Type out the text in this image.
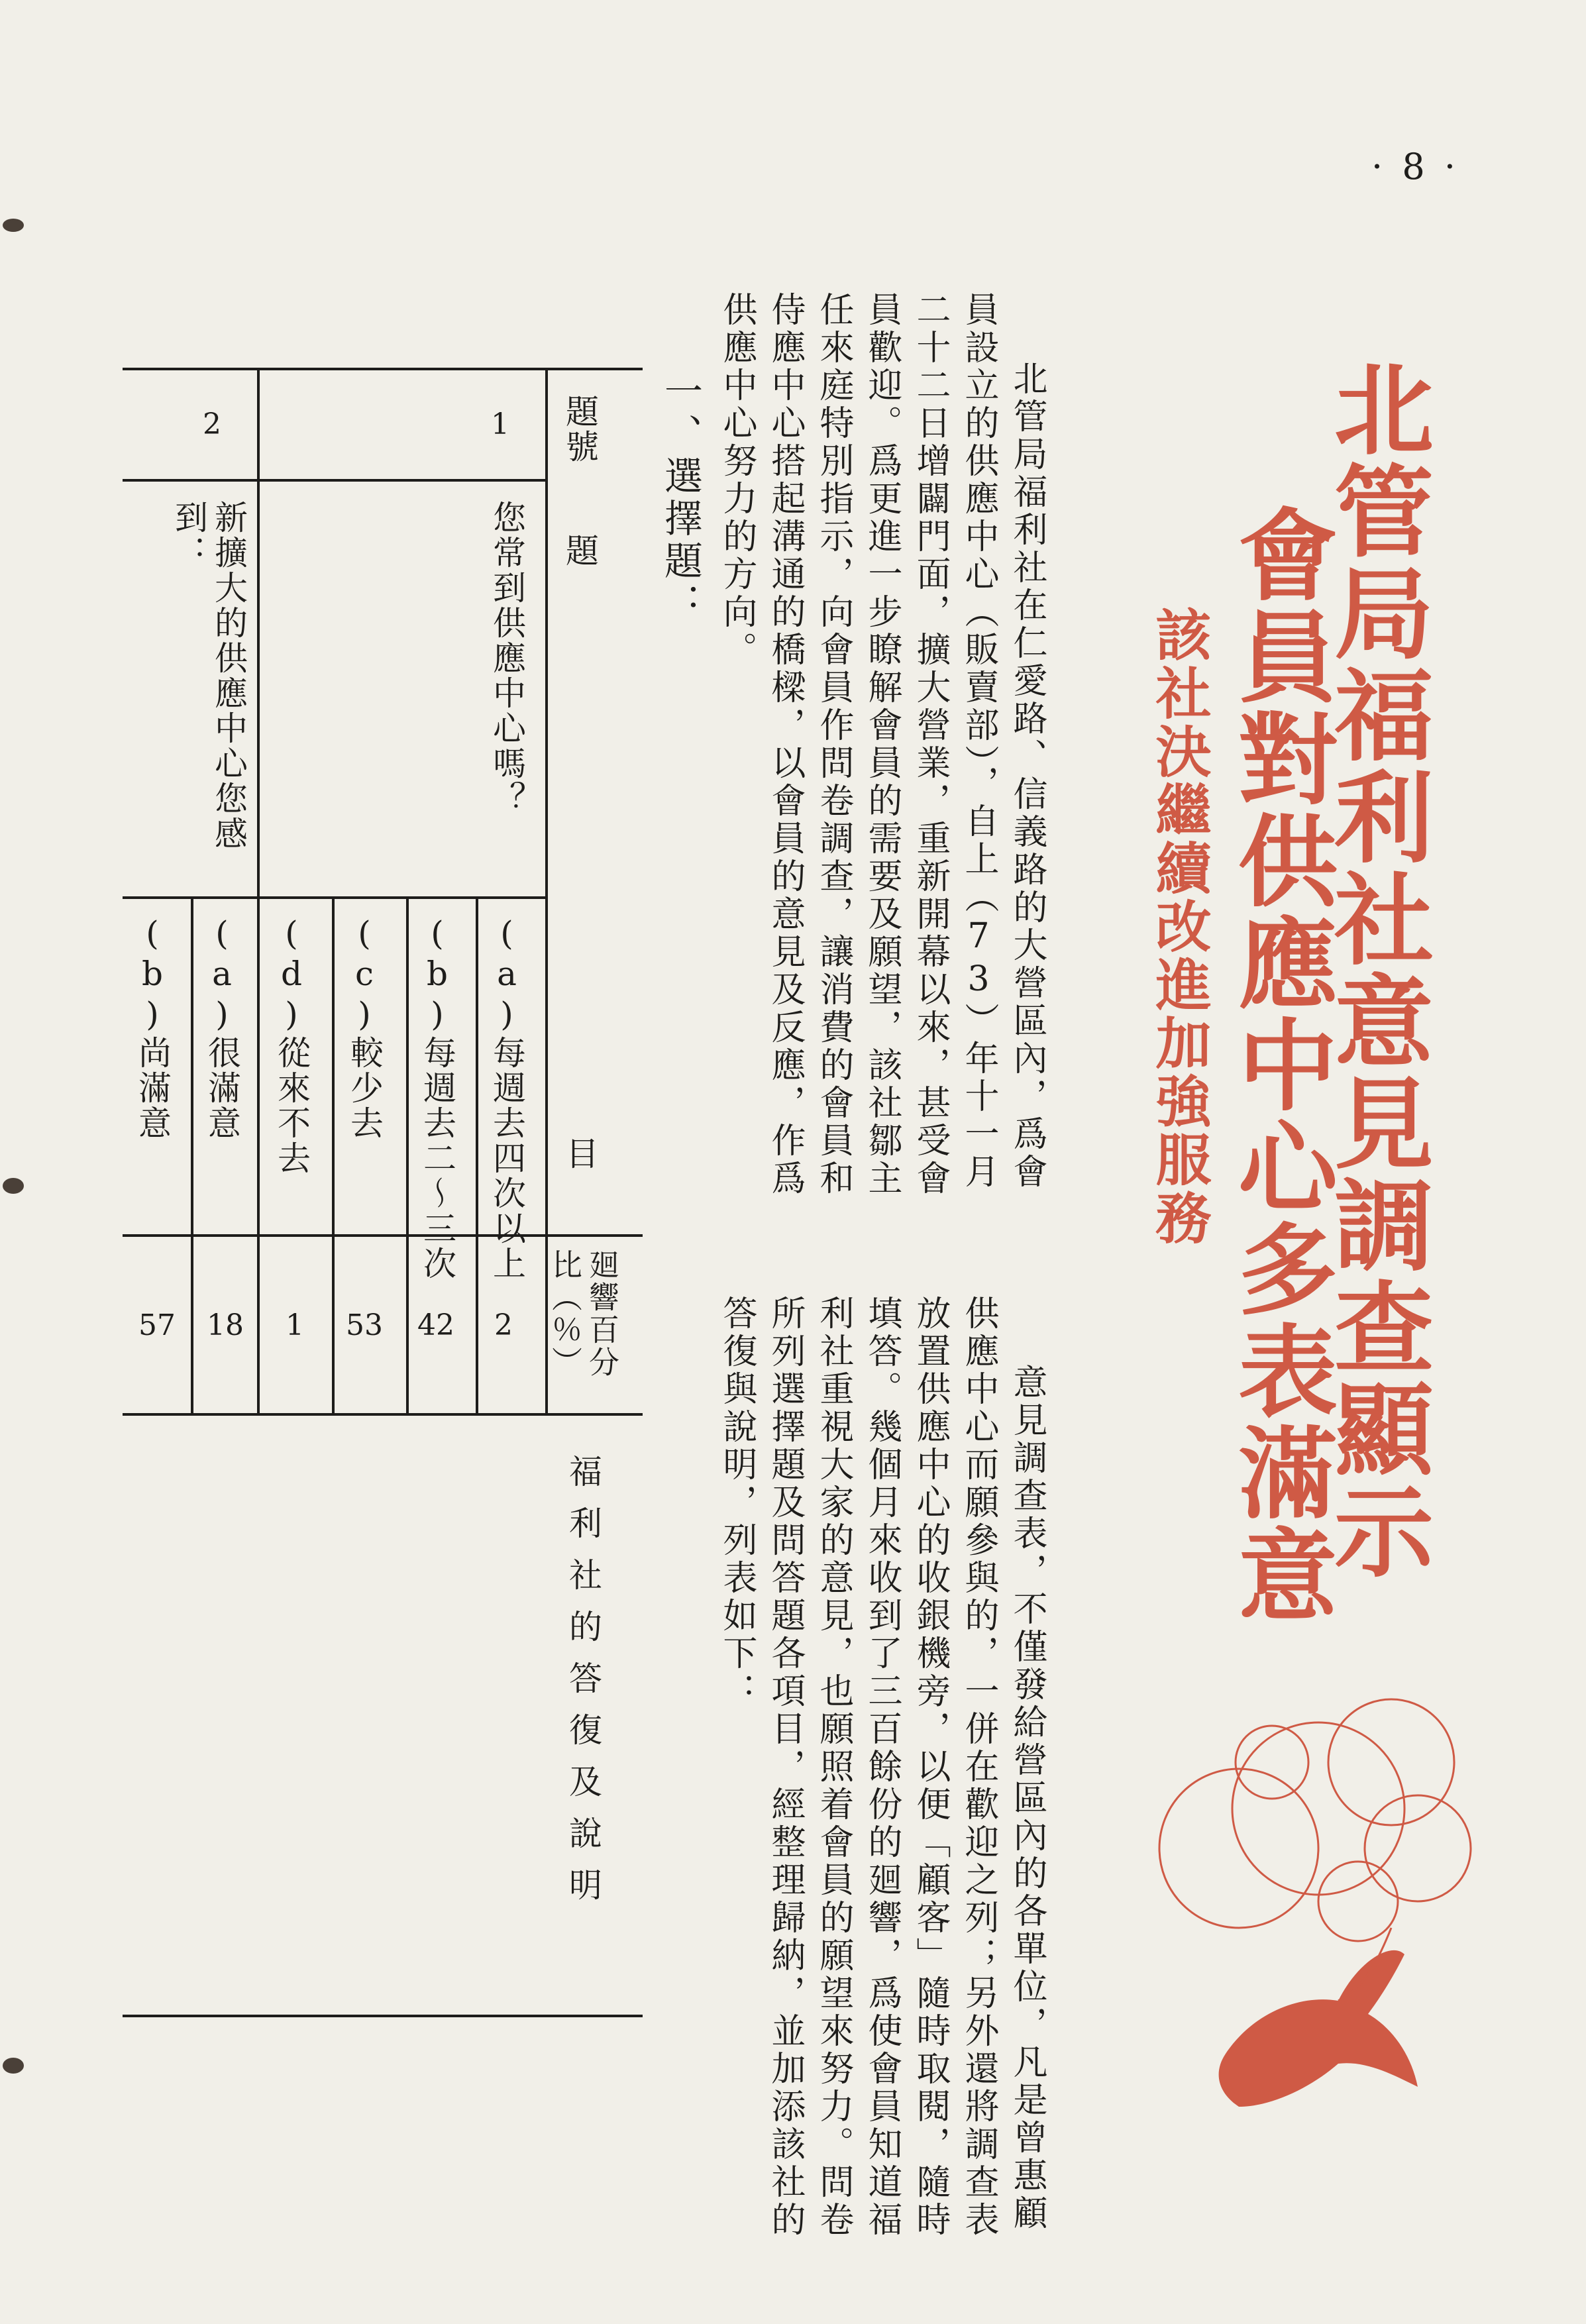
· 8 ·
北管局福利社意見調查顯示
會員對供應中心多表滿意
該社決繼續改進加強服務

北管局福利社在仁愛路、信義路的大營區內，爲會員設立的供應中心（販賣部），自上（73）年十一月二十二日增闢門面，擴大營業，重新開幕以來，甚受會員歡迎。爲更進一步瞭解會員的需要及願望，該社鄒主任來庭特別指示，向會員作問卷調查，讓消費的會員和侍應中心搭起溝通的橋樑，以會員的意見及反應，作爲供應中心努力的方向。

意見調查表，不僅發給營區內的各單位，凡是曾惠顧供應中心而願參與的，一併在歡迎之列；另外還將調查表放置供應中心的收銀機旁，以便「顧客」隨時取閱，隨時填答。幾個月來收到了三百餘份的廻響，爲使會員知道福利社重視大家的意見，也願照着會員的願望來努力。問卷所列選擇題及問答題各項目，經整理歸納，並加添該社的答復與說明，列表如下：

一、選擇題：
題號
題
目
廻響百分比（％）
福利社的答復及說明
1
您常到供應中心嗎？
(a)每週去四次以上
(b)每週去二～三次
(c)較少去
(d)從來不去
2
42
53
1
2
新擴大的供應中心您感到：
(a)很滿意
(b)尚滿意
18
57
